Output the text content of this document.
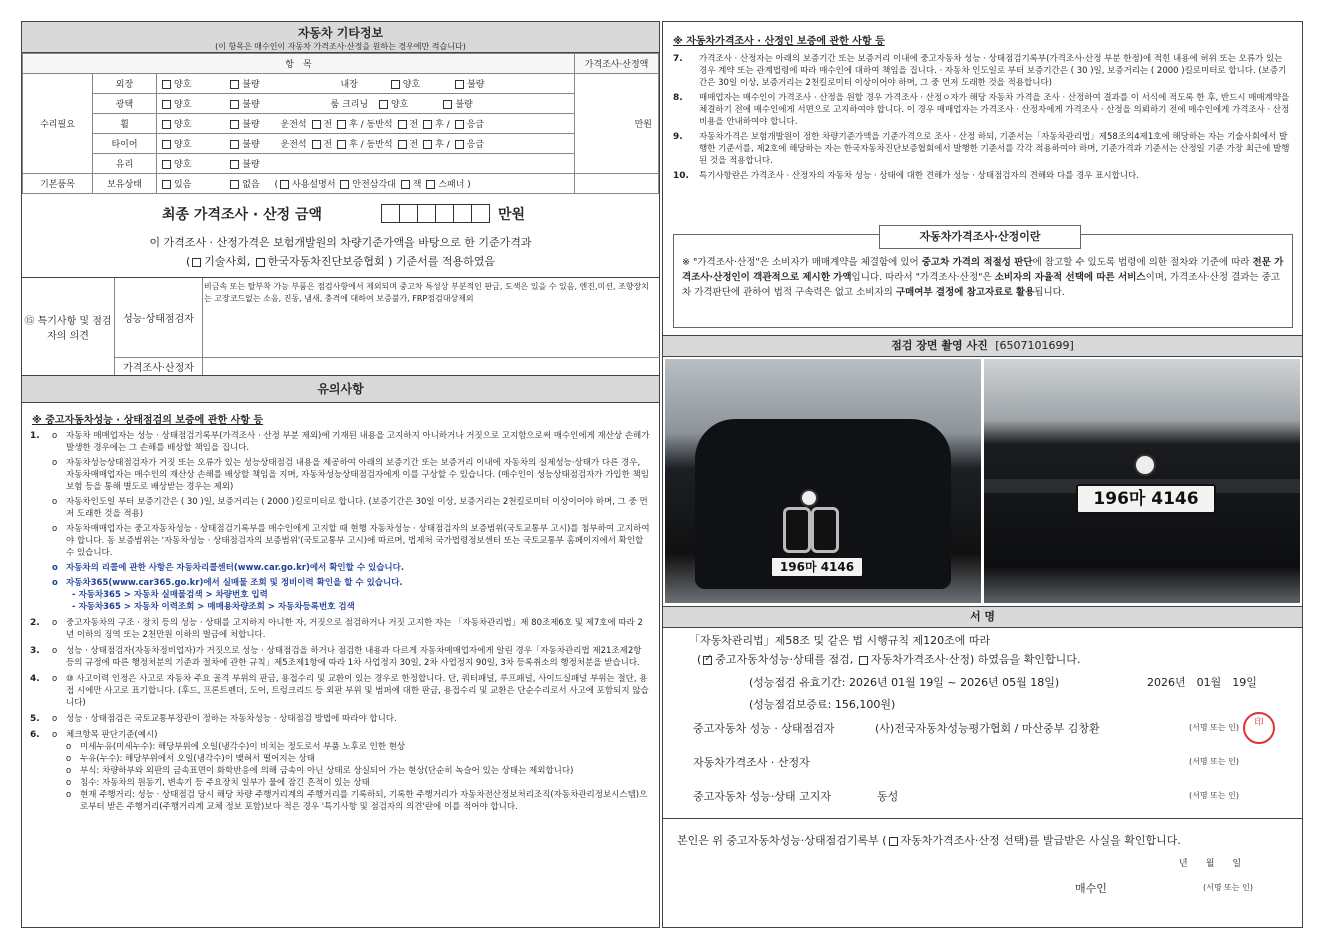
자동차 기타정보
(이 항목은 매수인이 자동차 가격조사·산정을 원하는 경우에만 적습니다)
항　목			가격조사·산정액
수리필요	외장	양호 불량 내장 양호 불량	만원
	광택	양호 불량 룸 크리닝 양호 불량	
	휠	양호 불량 운전석 전 후 / 동반석 전 후 / 응급	
	타이어	양호 불량 운전석 전 후 / 동반석 전 후 / 응급	
	유리	양호 불량	
기본품목	보유상태	있음 없음 ( 사용설명서 안전삼각대 잭 스패너 )	
최종 가격조사 · 산정 금액	만원
이 가격조사 · 산정가격은 보험개발원의 차량기준가액을 바탕으로 한 기준가격과
( 기술사회, 한국자동차진단보증협회 ) 기준서를 적용하였음
⑮ 특기사항 및 점검자의 의견
성능·상태점검자
비금속 또는 탈부착 가능 부품은 점검사항에서 제외되며 중고차 특성상 부분적인 판금, 도색은 있을 수 있음, 엔진,미션, 조향장치는 고장코드없는 소음, 진동, 냄새, 충격에 대하여 보증불가, FRP점검대상제외
가격조사·산정자
유의사항
※ 중고자동차성능 · 상태점검의 보증에 관한 사항 등
1.	o	자동차 매매업자는 성능 · 상태점검기록부(가격조사 · 산정 부분 제외)에 기재된 내용을 고지하지 아니하거나 거짓으로 고지함으로써 매수인에게 재산상 손해가 발생한 경우에는 그 손해를 배상할 책임을 집니다.
o	자동차성능상태점검자가 거짓 또는 오류가 있는 성능상태점검 내용을 제공하여 아래의 보증기간 또는 보증거리 이내에 자동차의 실제성능·상태가 다른 경우, 자동차매매업자는 매수인의 재산상 손해를 배상할 책임을 지며, 자동차성능상태점검자에게 이를 구상할 수 있습니다. (매수인이 성능상태점검자가 가입한 책임보험 등을 통해 별도로 배상받는 경우는 제외)
o	자동차인도일 부터 보증기간은 ( 30 )일, 보증거리는 ( 2000 )킬로미터로 합니다. (보증기간은 30일 이상, 보증거리는 2천킬로미터 이상이어야 하며, 그 중 먼저 도래한 것을 적용)
o	자동차매매업자는 중고자동차성능 · 상태점검기록부를 매수인에게 고지할 때 현행 자동차성능 · 상태점검자의 보증범위(국토교통부 고시)를 첨부하여 고지하여야 합니다. 동 보증범위는 '자동차성능 · 상태점검자의 보증범위'(국토교통부 고시)에 따르며, 법제처 국가법령정보센터 또는 국토교통부 홈페이지에서 확인할 수 있습니다.
o 자동차의 리콜에 관한 사항은 자동차리콜센터(www.car.go.kr)에서 확인할 수 있습니다.
o 자동차365(www.car365.go.kr)에서 실매물 조회 및 정비이력 확인을 할 수 있습니다.
- 자동차365 > 자동차 실매물검색 > 차량번호 입력
- 자동차365 > 자동차 이력조회 > 매매용차량조회 > 자동차등록번호 검색
2.	o	중고자동차의 구조 · 장치 등의 성능 · 상태를 고지하지 아니한 자, 거짓으로 점검하거나 거짓 고지한 자는 「자동차관리법」제 80조제6호 및 제7호에 따라 2년 이하의 징역 또는 2천만원 이하의 벌금에 처합니다.
3.	o	성능 · 상태점검자(자동차정비업자)가 거짓으로 성능 · 상태점검을 하거나 점검한 내용과 다르게 자동차매매업자에게 알린 경우「자동차관리법 제21조제2항 등의 규정에 따른 행정처분의 기준과 절차에 관한 규칙」제5조제1항에 따라 1차 사업정지 30일, 2차 사업정지 90일, 3차 등록취소의 행정처분을 받습니다.
4.	o	⑩ 사고이력 인정은 사고로 자동차 주요 골격 부위의 판금, 용접수리 및 교환이 있는 경우로 한정합니다. 단, 쿼터패널, 루프패널, 사이드실패널 부위는 절단, 용접 시에만 사고로 표기합니다. (후드, 프론트펜더, 도어, 트렁크리드 등 외판 부위 및 범퍼에 대한 판금, 용접수리 및 교환은 단순수리로서 사고에 포함되지 않습니다)
5.	o	성능 · 상태점검은 국토교통부장관이 정하는 자동차성능 · 상태점검 방법에 따라야 합니다.
6.	o	체크항목 판단기준(예시)
o	미세누유(미세누수): 해당부위에 오일(냉각수)이 비치는 정도로서 부품 노후로 인한 현상
o	누유(누수): 해당부위에서 오일(냉각수)이 맺혀서 떨어지는 상태
o	부식: 차량하부와 외판의 금속표면이 화학반응에 의해 금속이 아닌 상태로 상실되어 가는 현상(단순히 녹슬어 있는 상태는 제외합니다)
o	침수: 자동차의 원동기, 변속기 등 주요장치 일부가 물에 잠긴 흔적이 있는 상태
o	현재 주행거리: 성능 · 상태점검 당시 해당 차량 주행거리계의 주행거리를 기록하되, 기록한 주행거리가 자동차전산정보처리조직(자동차관리정보시스템)으로부터 받은 주행거리(주행거리계 교체 정보 포함)보다 적은 경우 '특기사항 및 점검자의 의견'란에 이를 적어야 합니다.
※ 자동차가격조사 · 산정인 보증에 관한 사항 등
7.	가격조사 · 산정자는 아래의 보증기간 또는 보증거리 이내에 중고자동차 성능 · 상태점검기록부(가격조사·산정 부분 한정)에 적힌 내용에 허위 또는 오류가 있는 경우 계약 또는 관계법령에 따라 매수인에 대하여 책임을 집니다. · 자동차 인도일로 부터 보증기간은 ( 30 )일, 보증거리는 ( 2000 )킬로미터로 합니다. (보증기간은 30일 이상, 보증거리는 2천킬로미터 이상이어야 하며, 그 중 먼저 도래한 것을 적용합니다)
8.	매매업자는 매수인이 가격조사 · 산정을 원할 경우 가격조사 · 산정ㅇ자가 해당 자동차 가격을 조사 · 산정하여 결과를 이 서식에 적도록 한 후, 반드시 매매계약을 체결하기 전에 매수인에게 서면으로 고지하여야 합니다. 이 경우 매매업자는 가격조사 · 산정자에게 가격조사 · 산정을 의뢰하기 전에 매수인에게 가격조사 · 산정 비용을 안내하여야 합니다.
9.	자동차가격은 보험개발원이 정한 차량기준가액을 기준가격으로 조사 · 산정 하되, 기준서는「자동차관리법」제58조의4제1호에 해당하는 자는 기술사회에서 발행한 기준서를, 제2호에 해당하는 자는 한국자동차진단보증협회에서 발행한 기준서를 각각 적용하여야 하며, 기준가격과 기준서는 산정일 기준 가장 최근에 발행된 것을 적용합니다.
10.	특기사항란은 가격조사 · 산정자의 자동차 성능 · 상태에 대한 견해가 성능 · 상태점검자의 견해와 다를 경우 표시합니다.
자동차가격조사·산정이란
※ "가격조사·산정"은 소비자가 매매계약을 체결함에 있어 중고차 가격의 적절성 판단에 참고할 수 있도록 법령에 의한 절차와 기준에 따라 전문 가격조사·산정인이 객관적으로 제시한 가액입니다. 따라서 "가격조사·산정"은 소비자의 자율적 선택에 따른 서비스이며, 가격조사·산정 결과는 중고차 가격판단에 관하여 법적 구속력은 없고 소비자의 구매여부 결정에 참고자료로 활용됩니다.
점검 장면 촬영 사진 [6507101699]
196마 4146
196마 4146
서 명
「자동차관리법」제58조 및 같은 법 시행규칙 제120조에 따라
( ✓ 중고자동차성능·상태를 점검, 자동차가격조사·산정) 하였음을 확인합니다.
(성능점검 유효기간: 2026년 01월 19일 ~ 2026년 05월 18일)	2026년　01월　19일
(성능점검보증료: 156,100원)
중고자동차 성능 · 상태점검자	(사)전국자동차성능평가협회 / 마산중부 김창환	(서명 또는 인)	印
자동차가격조사 · 산정자	(서명 또는 인)
중고자동차 성능·상태 고지자	동성	(서명 또는 인)
본인은 위 중고자동차성능·상태점검기록부 ( 자동차가격조사·산정 선택)를 발급받은 사실을 확인합니다.
년　　월　　일
매수인	(서명 또는 인)
